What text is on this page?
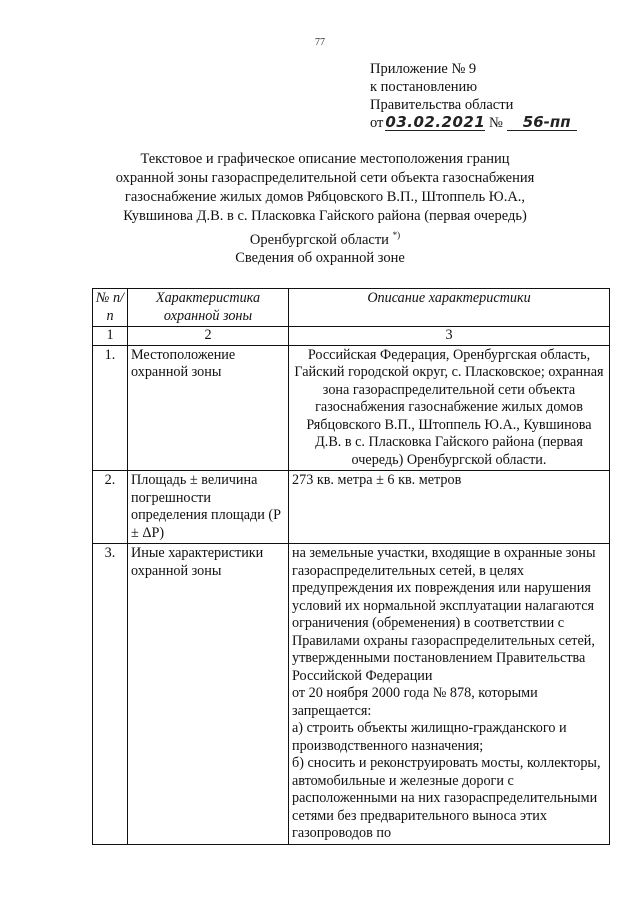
77
Приложение № 9
к постановлению
Правительства области
от 03.02.2021 № 56-пп
Текстовое и графическое описание местоположения границ
охранной зоны газораспределительной сети объекта газоснабжения
газоснабжение жилых домов Рябцовского В.П., Штоппель Ю.А.,
Кувшинова Д.В. в с. Пласковка Гайского района (первая очередь)
Оренбургской области *)
Сведения об охранной зоне
№ п/п	Характеристика охранной зоны	Описание характеристики
1	2	3
1.	Местоположение охранной зоны	Российская Федерация, Оренбургская область, Гайский городской округ, с. Пласковское; охранная зона газораспределительной сети объекта газоснабжения газоснабжение жилых домов Рябцовского В.П., Штоппель Ю.А., Кувшинова Д.В. в с. Пласковка Гайского района (первая очередь) Оренбургской области.
2.	Площадь ± величина погрешности определения площади (P ± ΔP)	273 кв. метра ± 6 кв. метров
3.	Иные характеристики охранной зоны	на земельные участки, входящие в охранные зоны газораспределительных сетей, в целях предупреждения их повреждения или нарушения условий их нормальной эксплуатации налагаются ограничения (обременения) в соответствии с Правилами охраны газораспределительных сетей, утвержденными постановлением Правительства Российской Федерации
от 20 ноября 2000 года № 878, которыми запрещается:
а) строить объекты жилищно-гражданского и производственного назначения;
б) сносить и реконструировать мосты, коллекторы, автомобильные и железные дороги с расположенными на них газораспределительными сетями без предварительного выноса этих газопроводов по
